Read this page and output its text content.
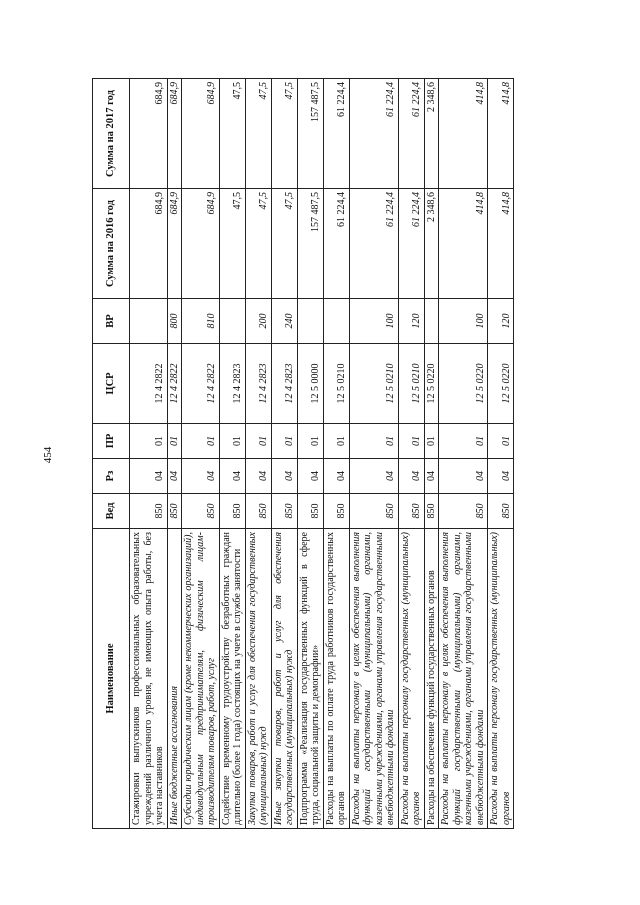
454
Наименование	Вед	Рз	ПР	ЦСР	ВР	Сумма на 2016 год	Сумма на 2017 год
Стажировки выпускников профессиональных образовательных учреждений различного уровня, не имеющих опыта работы, без учета наставников	850	04	01	12 4 2822		684,9	684,9
Иные бюджетные ассигнования	850	04	01	12 4 2822	800	684,9	684,9
Субсидии юридическим лицам (кроме некоммерческих организаций), индивидуальным предпринимателям, физическим лицам-производителям товаров, работ, услуг	850	04	01	12 4 2822	810	684,9	684,9
Содействие временному трудоустройству безработных граждан длительно (более 1 года) состоящих на учете в службе занятости	850	04	01	12 4 2823		47,5	47,5
Закупка товаров, работ и услуг для обеспечения государственных (муниципальных) нужд	850	04	01	12 4 2823	200	47,5	47,5
Иные закупки товаров, работ и услуг для обеспечения государственных (муниципальных) нужд	850	04	01	12 4 2823	240	47,5	47,5
Подпрограмма «Реализация государственных функций в сфере труда, социальной защиты и демографии»	850	04	01	12 5 0000		157 487,5	157 487,5
Расходы на выплаты по оплате труда работников государственных органов	850	04	01	12 5 0210		61 224,4	61 224,4
Расходы на выплаты персоналу в целях обеспечения выполнения функций государственными (муниципальными) органами, казенными учреждениями, органами управления государственными внебюджетными фондами	850	04	01	12 5 0210	100	61 224,4	61 224,4
Расходы на выплаты персоналу государственных (муниципальных) органов	850	04	01	12 5 0210	120	61 224,4	61 224,4
Расходы на обеспечение функций государственных органов	850	04	01	12 5 0220		2 348,6	2 348,6
Расходы на выплаты персоналу в целях обеспечения выполнения функций государственными (муниципальными) органами, казенными учреждениями, органами управления государственными внебюджетными фондами	850	04	01	12 5 0220	100	414,8	414,8
Расходы на выплаты персоналу государственных (муниципальных) органов	850	04	01	12 5 0220	120	414,8	414,8
